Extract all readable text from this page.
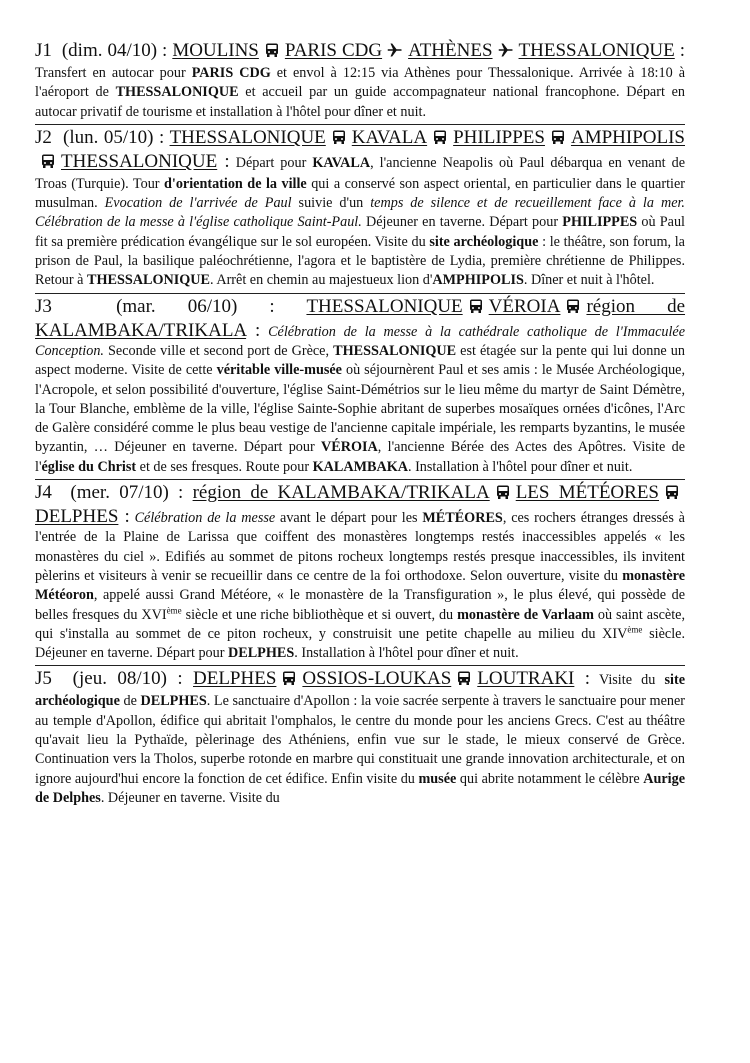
J1 (dim. 04/10) : MOULINS PARIS CDG ATHÈNES THESSALONIQUE : Transfert en autocar pour PARIS CDG et envol à 12:15 via Athènes pour Thessalonique. Arrivée à 18:10 à l'aéroport de THESSALONIQUE et accueil par un guide accompagnateur national francophone. Départ en autocar privatif de tourisme et installation à l'hôtel pour dîner et nuit.

J2 (lun. 05/10) : THESSALONIQUE KAVALA PHILIPPES AMPHIPOLISTHESSALONIQUE : Départ pour KAVALA, l'ancienne Neapolis où Paul débarqua en venant de Troas (Turquie). Tour d'orientation de la ville qui a conservé son aspect oriental, en particulier dans le quartier musulman. Evocation de l'arrivée de Paul suivie d'un temps de silence et de recueillement face à la mer. Célébration de la messe à l'église catholique Saint-Paul. Déjeuner en taverne. Départ pour PHILIPPES où Paul fit sa première prédication évangélique sur le sol européen. Visite du site archéologique : le théâtre, son forum, la prison de Paul, la basilique paléochrétienne, l'agora et le baptistère de Lydia, première chrétienne de Philippes. Retour à THESSALONIQUE. Arrêt en chemin au majestueux lion d'AMPHIPOLIS. Dîner et nuit à l'hôtel.

J3	(mar. 06/10) : THESSALONIQUE VÉROIA région de KALAMBAKA/TRIKALA : Célébration de la messe à la cathédrale catholique de l'Immaculée Conception. Seconde ville et second port de Grèce, THESSALONIQUE est étagée sur la pente qui lui donne un aspect moderne. Visite de cette véritable ville-musée où séjournèrent Paul et ses amis : le Musée Archéologique, l'Acropole, et selon possibilité d'ouverture, l'église Saint-Démétrios sur le lieu même du martyr de Saint Démètre, la Tour Blanche, emblème de la ville, l'église Sainte-Sophie abritant de superbes mosaïques ornées d'icônes, l'Arc de Galère considéré comme le plus beau vestige de l'ancienne capitale impériale, les remparts byzantins, le musée byzantin, … Déjeuner en taverne. Départ pour VÉROIA, l'ancienne Bérée des Actes des Apôtres. Visite de l'église du Christ et de ses fresques. Route pour KALAMBAKA. Installation à l'hôtel pour dîner et nuit.

J4 (mer. 07/10) : région de KALAMBAKA/TRIKALA LES MÉTÉORESDELPHES : Célébration de la messe avant le départ pour les MÉTÉORES, ces rochers étranges dressés à l'entrée de la Plaine de Larissa que coiffent des monastères longtemps restés inaccessibles appelés « les monastères du ciel ». Edifiés au sommet de pitons rocheux longtemps restés presque inaccessibles, ils invitent pèlerins et visiteurs à venir se recueillir dans ce centre de la foi orthodoxe. Selon ouverture, visite du monastère Météoron, appelé aussi Grand Météore, « le monastère de la Transfiguration », le plus élevé, qui possède de belles fresques du XVIème siècle et une riche bibliothèque et si ouvert, du monastère de Varlaam où saint ascète, qui s'installa au sommet de ce piton rocheux, y construisit une petite chapelle au milieu du XIVème siècle. Déjeuner en taverne. Départ pour DELPHES. Installation à l'hôtel pour dîner et nuit.

J5 (jeu. 08/10) : DELPHES OSSIOS-LOUKAS LOUTRAKI : Visite du site archéologique de DELPHES. Le sanctuaire d'Apollon : la voie sacrée serpente à travers le sanctuaire pour mener au temple d'Apollon, édifice qui abritait l'omphalos, le centre du monde pour les anciens Grecs. C'est au théâtre qu'avait lieu la Pythaïde, pèlerinage des Athéniens, enfin vue sur le stade, le mieux conservé de Grèce. Continuation vers la Tholos, superbe rotonde en marbre qui constituait une grande innovation architecturale, et on ignore aujourd'hui encore la fonction de cet édifice. Enfin visite du musée qui abrite notamment le célèbre Aurige de Delphes. Déjeuner en taverne. Visite du
